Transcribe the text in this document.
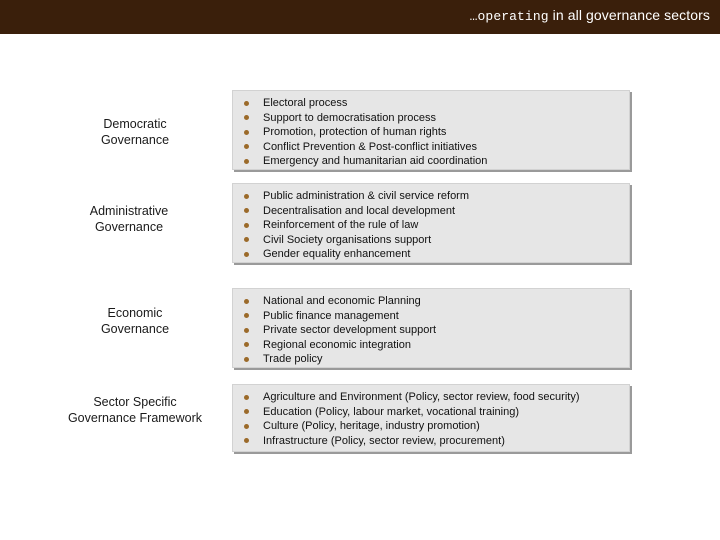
…operating in all governance sectors
Democratic
Governance
Electoral process
Support to democratisation process
Promotion, protection of human rights
Conflict Prevention & Post-conflict initiatives
Emergency and humanitarian aid coordination
Administrative
Governance
Public administration & civil service reform
Decentralisation and local development
Reinforcement of the rule of law
Civil Society organisations support
Gender equality enhancement
Economic
Governance
National and economic Planning
Public finance management
Private sector development support
Regional economic integration
Trade policy
Sector Specific
Governance Framework
Agriculture and Environment (Policy, sector review, food security)
Education (Policy, labour market, vocational training)
Culture (Policy, heritage, industry promotion)
Infrastructure (Policy, sector review, procurement)
